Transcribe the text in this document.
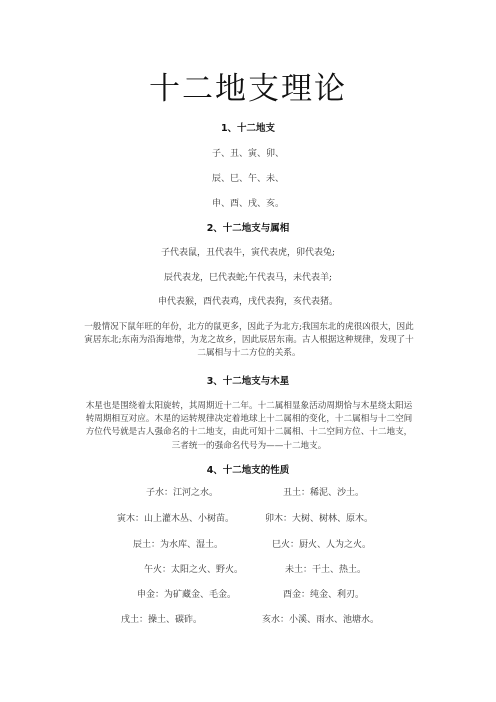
十二地支理论
1、十二地支
子、丑、寅、卯、
辰、巳、午、未、
申、酉、戌、亥。
2、十二地支与属相
子代表鼠，丑代表牛，寅代表虎，卯代表兔;
辰代表龙，巳代表蛇;午代表马，未代表羊;
申代表猴，酉代表鸡，戌代表狗，亥代表猪。
一般情况下鼠年旺的年份，北方的鼠更多，因此子为北方;我国东北的虎很凶很大，因此寅居东北;东南为沿海地带，为龙之故乡，因此辰居东南。古人根据这种规律，发现了十二属相与十二方位的关系。
3、十二地支与木星
木星也是围绕着太阳旋转，其周期近十二年。十二属相显象活动周期恰与木星绕太阳运转周期相互对应。木星的运转规律决定着地球上十二属相的变化，十二属相与十二空间方位代号就是古人强命名的十二地支，由此可知十二属相、十二空间方位、十二地支，三者统一的强命名代号为——十二地支。
4、十二地支的性质
子水：江河之水。	丑土：稀泥、沙土。
寅木：山上灌木丛、小树苗。	卯木：大树、树林、原木。
辰土：为水库、湿土。	巳火：厨火、人为之火。
午火：太阳之火、野火。	未土：干土、热土。
申金：为矿藏金、毛金。	酉金：纯金、利刃。
戌土：操土、碳砟。	亥水：小溪、雨水、池塘水。
